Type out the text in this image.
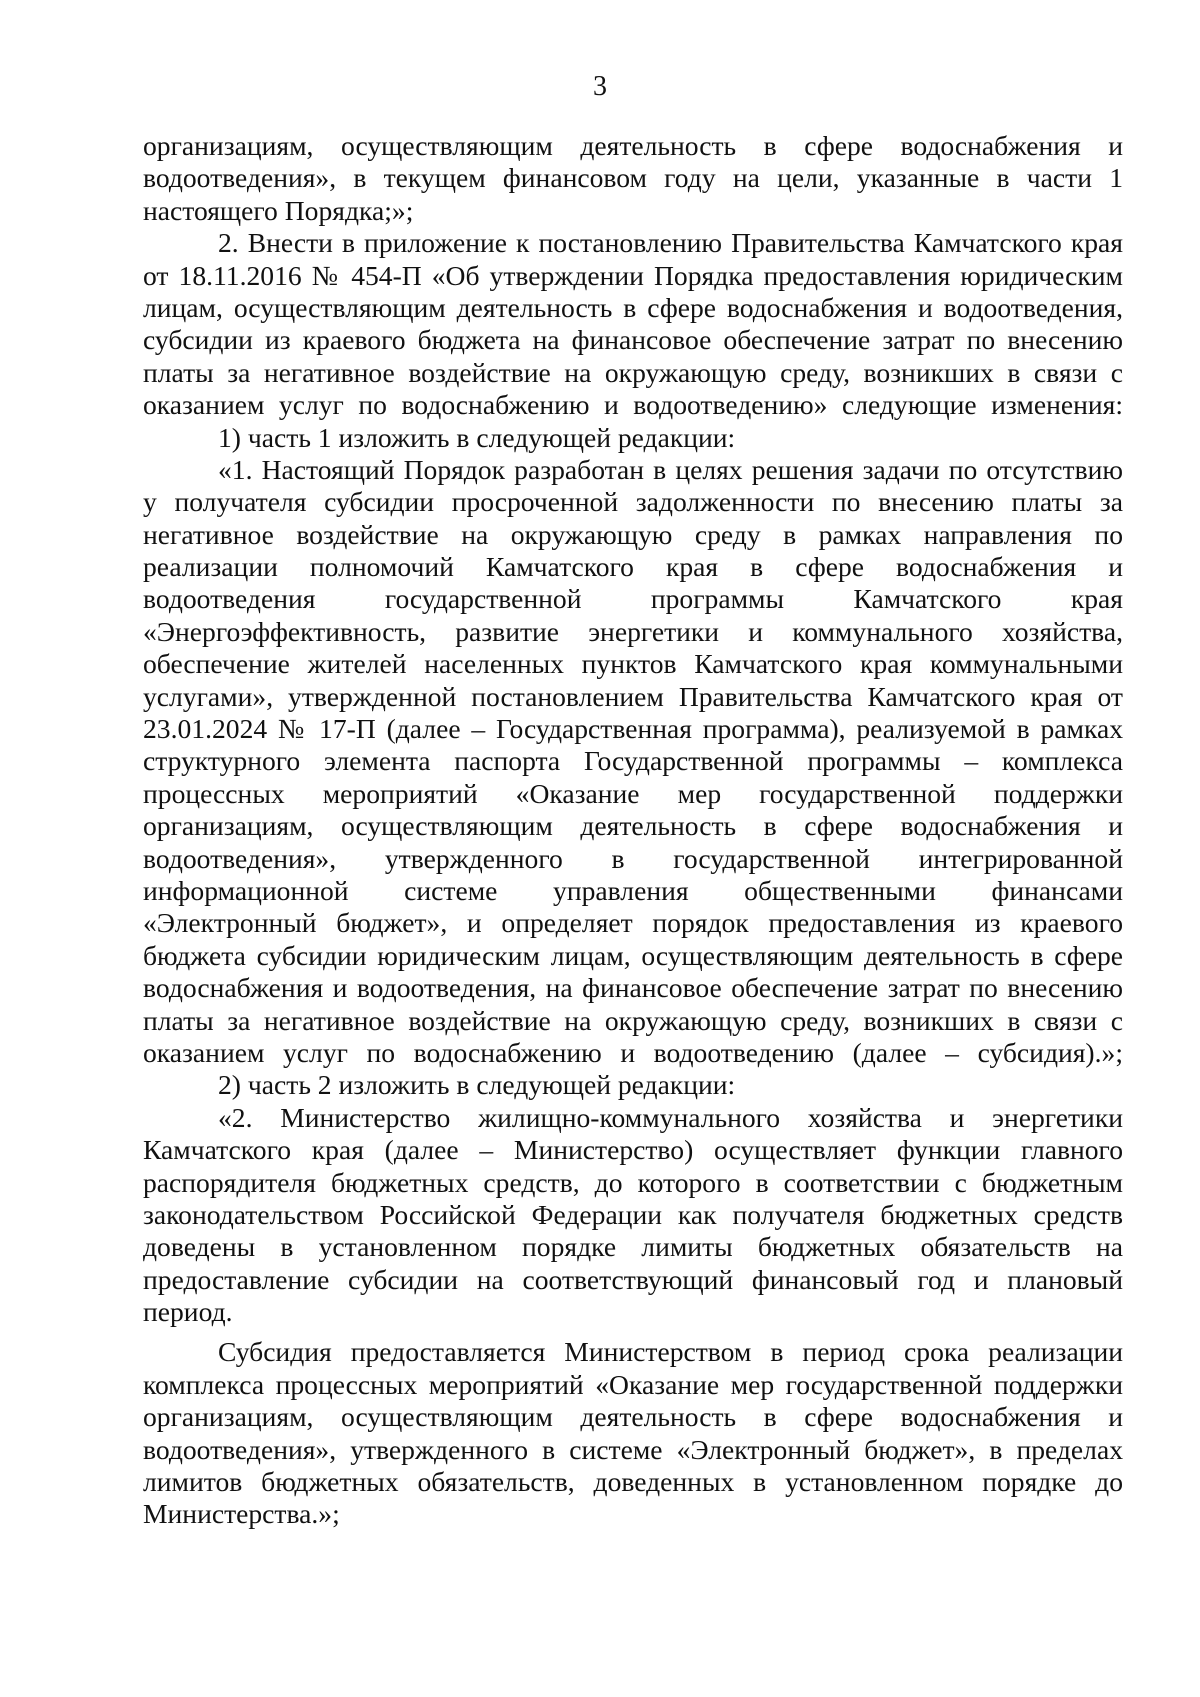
3
организациям, осуществляющим деятельность в сфере водоснабжения и
водоотведения», в текущем финансовом году на цели, указанные в части 1
настоящего Порядка;»;
2. Внести в приложение к постановлению Правительства Камчатского края
от 18.11.2016 № 454-П «Об утверждении Порядка предоставления юридическим
лицам, осуществляющим деятельность в сфере водоснабжения и водоотведения,
субсидии из краевого бюджета на финансовое обеспечение затрат по внесению
платы за негативное воздействие на окружающую среду, возникших в связи с
оказанием услуг по водоснабжению и водоотведению» следующие изменения:
1) часть 1 изложить в следующей редакции:
«1. Настоящий Порядок разработан в целях решения задачи по отсутствию
у получателя субсидии просроченной задолженности по внесению платы за
негативное воздействие на окружающую среду в рамках направления по
реализации полномочий Камчатского края в сфере водоснабжения и
водоотведения государственной программы Камчатского края
«Энергоэффективность, развитие энергетики и коммунального хозяйства,
обеспечение жителей населенных пунктов Камчатского края коммунальными
услугами», утвержденной постановлением Правительства Камчатского края от
23.01.2024 № 17-П (далее – Государственная программа), реализуемой в рамках
структурного элемента паспорта Государственной программы – комплекса
процессных мероприятий «Оказание мер государственной поддержки
организациям, осуществляющим деятельность в сфере водоснабжения и
водоотведения», утвержденного в государственной интегрированной
информационной системе управления общественными финансами
«Электронный бюджет», и определяет порядок предоставления из краевого
бюджета субсидии юридическим лицам, осуществляющим деятельность в сфере
водоснабжения и водоотведения, на финансовое обеспечение затрат по внесению
платы за негативное воздействие на окружающую среду, возникших в связи с
оказанием услуг по водоснабжению и водоотведению (далее – субсидия).»;
2) часть 2 изложить в следующей редакции:
«2. Министерство жилищно-коммунального хозяйства и энергетики
Камчатского края (далее – Министерство) осуществляет функции главного
распорядителя бюджетных средств, до которого в соответствии с бюджетным
законодательством Российской Федерации как получателя бюджетных средств
доведены в установленном порядке лимиты бюджетных обязательств на
предоставление субсидии на соответствующий финансовый год и плановый
период.
Субсидия предоставляется Министерством в период срока реализации
комплекса процессных мероприятий «Оказание мер государственной поддержки
организациям, осуществляющим деятельность в сфере водоснабжения и
водоотведения», утвержденного в системе «Электронный бюджет», в пределах
лимитов бюджетных обязательств, доведенных в установленном порядке до
Министерства.»;
